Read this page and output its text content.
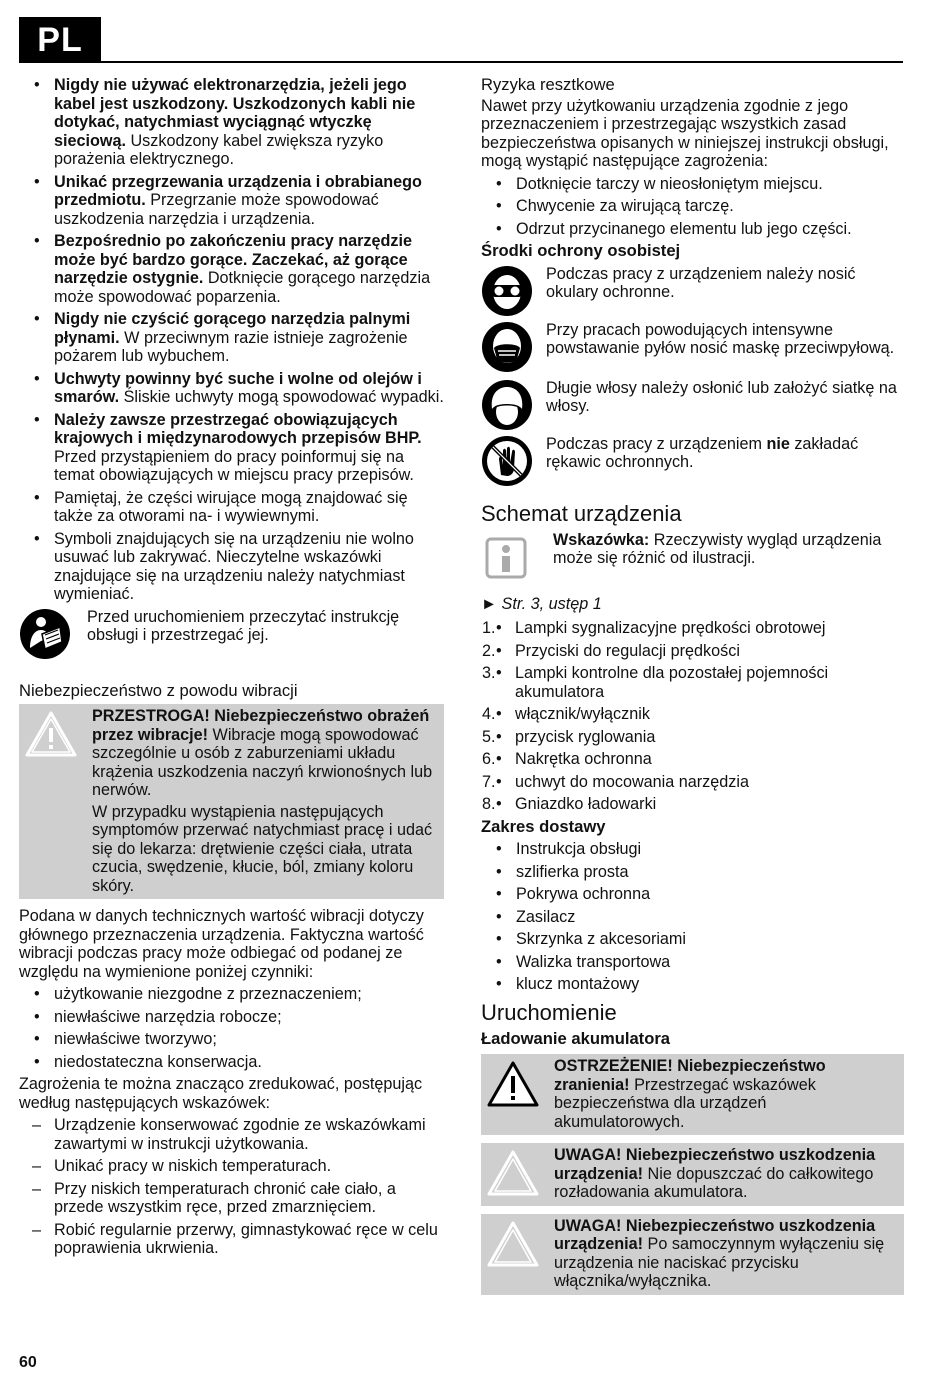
PL
• Nigdy nie używać elektronarzędzia, jeżeli jego kabel jest uszkodzony. Uszkodzonych kabli nie dotykać, natychmiast wyciągnąć wtyczkę sieciową. Uszkodzony kabel zwiększa ryzyko porażenia elektrycznego.
• Unikać przegrzewania urządzenia i obrabianego przedmiotu. Przegrzanie może spowodować uszkodzenia narzędzia i urządzenia.
• Bezpośrednio po zakończeniu pracy narzędzie może być bardzo gorące. Zaczekać, aż gorące narzędzie ostygnie. Dotknięcie gorącego narzędzia może spowodować poparzenia.
• Nigdy nie czyścić gorącego narzędzia palnymi płynami. W przeciwnym razie istnieje zagrożenie pożarem lub wybuchem.
• Uchwyty powinny być suche i wolne od olejów i smarów. Śliskie uchwyty mogą spowodować wypadki.
• Należy zawsze przestrzegać obowiązujących krajowych i międzynarodowych przepisów BHP. Przed przystąpieniem do pracy poinformuj się na temat obowiązujących w miejscu pracy przepisów.
• Pamiętaj, że części wirujące mogą znajdować się także za otworami na- i wywiewnymi.
• Symboli znajdujących się na urządzeniu nie wolno usuwać lub zakrywać. Nieczytelne wskazówki znajdujące się na urządzeniu należy natychmiast wymieniać.

Przed uruchomieniem przeczytać instrukcję obsługi i przestrzegać jej.

Niebezpieczeństwo z powodu wibracji

PRZESTROGA! Niebezpieczeństwo obrażeń przez wibracje! Wibracje mogą spowodować szczególnie u osób z zaburzeniami układu krążenia uszkodzenia naczyń krwionośnych lub nerwów.

W przypadku wystąpienia następujących symptomów przerwać natychmiast pracę i udać się do lekarza: drętwienie części ciała, utrata czucia, swędzenie, kłucie, ból, zmiany koloru skóry.

Podana w danych technicznych wartość wibracji dotyczy głównego przeznaczenia urządzenia. Faktyczna wartość wibracji podczas pracy może odbiegać od podanej ze względu na wymienione poniżej czynniki:

• użytkowanie niezgodne z przeznaczeniem;
• niewłaściwe narzędzia robocze;
• niewłaściwe tworzywo;
• niedostateczna konserwacja.

Zagrożenia te można znacząco zredukować, postępując według następujących wskazówek:

– Urządzenie konserwować zgodnie ze wskazówkami zawartymi w instrukcji użytkowania.
– Unikać pracy w niskich temperaturach.
– Przy niskich temperaturach chronić całe ciało, a przede wszystkim ręce, przed zmarznięciem.
– Robić regularnie przerwy, gimnastykować ręce w celu poprawienia ukrwienia.

Ryzyka resztkowe

Nawet przy użytkowaniu urządzenia zgodnie z jego przeznaczeniem i przestrzegając wszystkich zasad bezpieczeństwa opisanych w niniejszej instrukcji obsługi, mogą wystąpić następujące zagrożenia:

• Dotknięcie tarczy w nieosłoniętym miejscu.
• Chwycenie za wirującą tarczę.
• Odrzut przycinanego elementu lub jego części.

Środki ochrony osobistej

Podczas pracy z urządzeniem należy nosić okulary ochronne.

Przy pracach powodujących intensywne powstawanie pyłów nosić maskę przeciwpyłową.

Długie włosy należy osłonić lub założyć siatkę na włosy.

Podczas pracy z urządzeniem nie zakładać rękawic ochronnych.

Schemat urządzenia

Wskazówka: Rzeczywisty wygląd urządzenia może się różnić od ilustracji.

► Str. 3, ustęp 1

• 1. Lampki sygnalizacyjne prędkości obrotowej
• 2. Przyciski do regulacji prędkości
• 3. Lampki kontrolne dla pozostałej pojemności akumulatora
• 4. włącznik/wyłącznik
• 5. przycisk ryglowania
• 6. Nakrętka ochronna
• 7. uchwyt do mocowania narzędzia
• 8. Gniazdko ładowarki

Zakres dostawy

• Instrukcja obsługi
• szlifierka prosta
• Pokrywa ochronna
• Zasilacz
• Skrzynka z akcesoriami
• Walizka transportowa
• klucz montażowy

Uruchomienie

Ładowanie akumulatora

OSTRZEŻENIE! Niebezpieczeństwo zranienia! Przestrzegać wskazówek bezpieczeństwa dla urządzeń akumulatorowych.

UWAGA! Niebezpieczeństwo uszkodzenia urządzenia! Nie dopuszczać do całkowitego rozładowania akumulatora.

UWAGA! Niebezpieczeństwo uszkodzenia urządzenia! Po samoczynnym wyłączeniu się urządzenia nie naciskać przycisku włącznika/wyłącznika.

60
